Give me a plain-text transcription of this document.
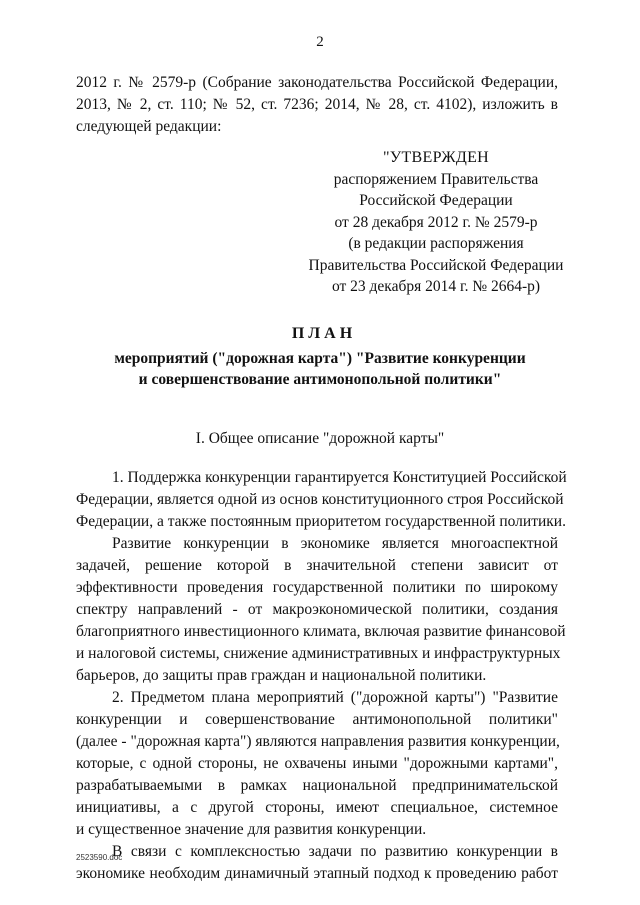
2
2012 г. № 2579-р (Собрание законодательства Российской Федерации,
2013, № 2, ст. 110; № 52, ст. 7236; 2014, № 28, ст. 4102), изложить в
следующей редакции:
"УТВЕРЖДЕН
распоряжением Правительства
Российской Федерации
от 28 декабря 2012 г. № 2579-р
(в редакции распоряжения
Правительства Российской Федерации
от 23 декабря 2014 г. № 2664-р)
ПЛАН
мероприятий ("дорожная карта") "Развитие конкуренции
и совершенствование антимонопольной политики"
I. Общее описание "дорожной карты"
1. Поддержка конкуренции гарантируется Конституцией Российской
Федерации, является одной из основ конституционного строя Российской
Федерации, а также постоянным приоритетом государственной политики.
Развитие конкуренции в экономике является многоаспектной
задачей, решение которой в значительной степени зависит от
эффективности проведения государственной политики по широкому
спектру направлений - от макроэкономической политики, создания
благоприятного инвестиционного климата, включая развитие финансовой
и налоговой системы, снижение административных и инфраструктурных
барьеров, до защиты прав граждан и национальной политики.
2. Предметом плана мероприятий ("дорожной карты") "Развитие
конкуренции и совершенствование антимонопольной политики"
(далее - "дорожная карта") являются направления развития конкуренции,
которые, с одной стороны, не охвачены иными "дорожными картами",
разрабатываемыми в рамках национальной предпринимательской
инициативы, а с другой стороны, имеют специальное, системное
и существенное значение для развития конкуренции.
В связи с комплексностью задачи по развитию конкуренции в
экономике необходим динамичный этапный подход к проведению работ
2523590.doc
